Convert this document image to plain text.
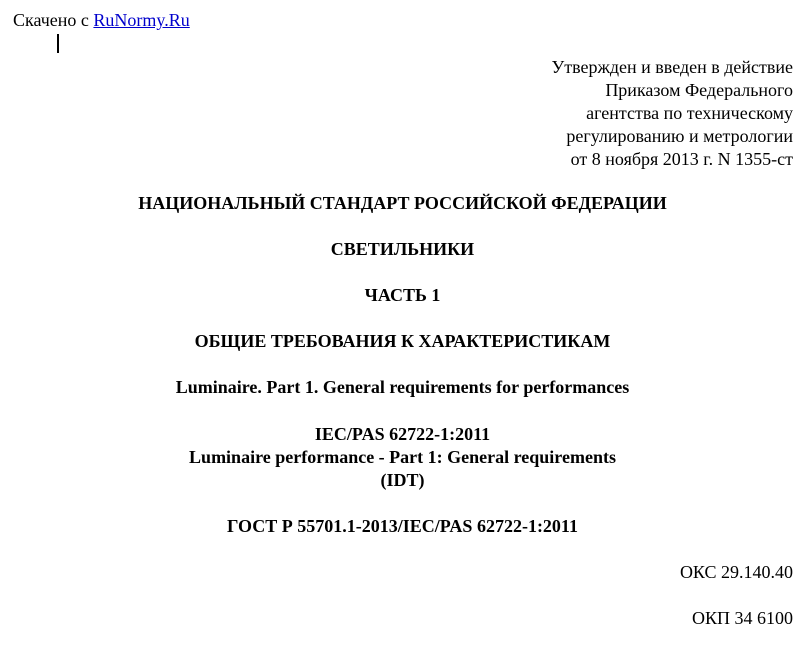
Скачено с RuNormy.Ru
Утвержден и введен в действие
Приказом Федерального
агентства по техническому
регулированию и метрологии
от 8 ноября 2013 г. N 1355-ст
НАЦИОНАЛЬНЫЙ СТАНДАРТ РОССИЙСКОЙ ФЕДЕРАЦИИ
СВЕТИЛЬНИКИ
ЧАСТЬ 1
ОБЩИЕ ТРЕБОВАНИЯ К ХАРАКТЕРИСТИКАМ
Luminaire. Part 1. General requirements for performances
IEC/PAS 62722-1:2011
Luminaire performance - Part 1: General requirements
(IDT)
ГОСТ Р 55701.1-2013/IEC/PAS 62722-1:2011
ОКС 29.140.40
ОКП 34 6100
